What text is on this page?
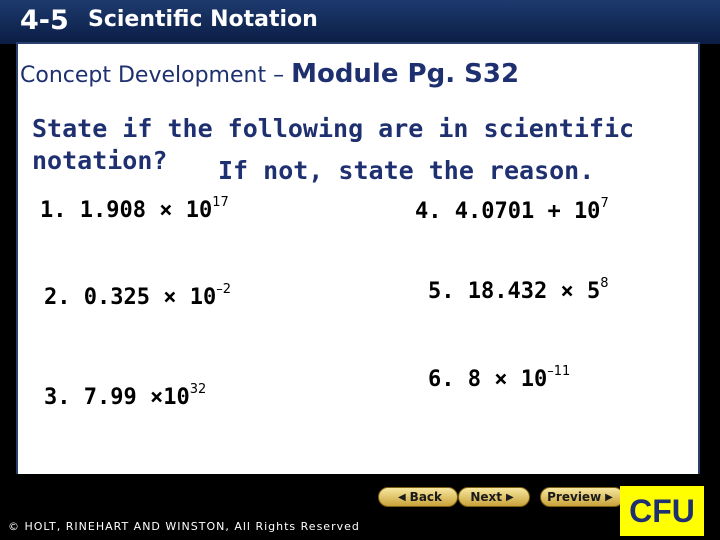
4-5 Scientific Notation
Concept Development – Module Pg. S32
State if the following are in scientific
notation? If not, state the reason.
1. $1.908 \times 10^{17}$
2. $0.325 \times 10^{-2}$
3. $7.99 \times 10^{32}$
4. $4.0701 + 10^7$
5. $18.432 \times 5^8$
6. $8 \times 10^{-11}$
◀ Back Next ▶	Preview ▶
© HOLT, RINEHART AND WINSTON, All Rights Reserved	CFU
